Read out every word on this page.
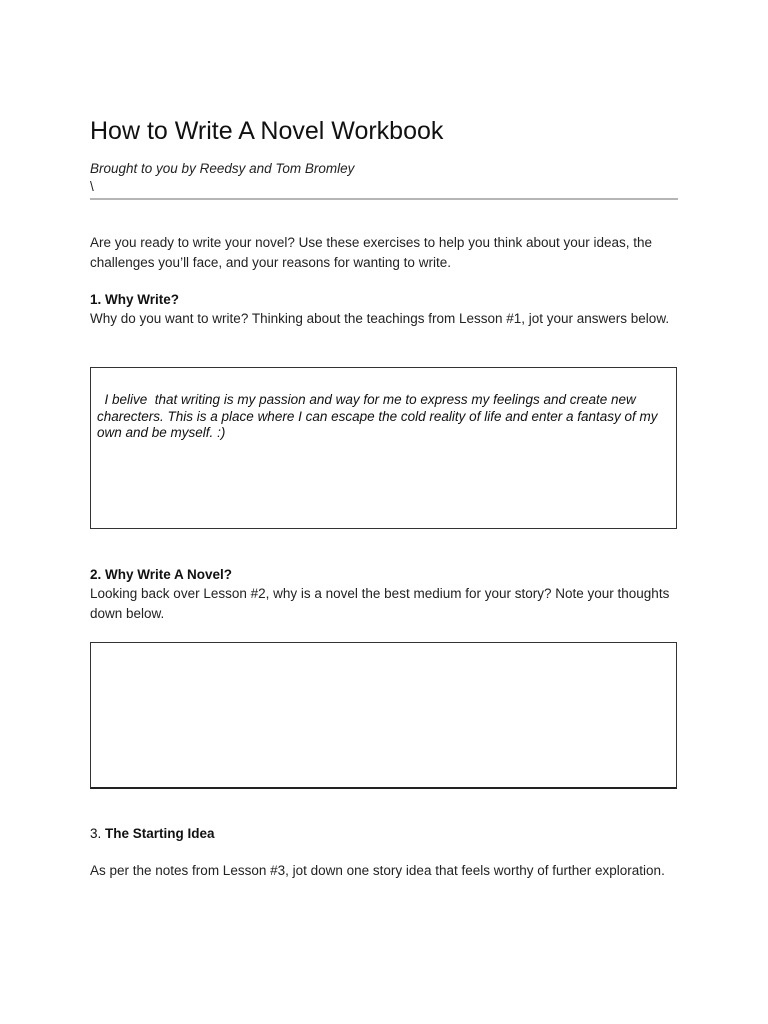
How to Write A Novel Workbook
Brought to you by Reedsy and Tom Bromley
\

Are you ready to write your novel? Use these exercises to help you think about your ideas, the challenges you’ll face, and your reasons for wanting to write.

1. Why Write?

Why do you want to write? Thinking about the teachings from Lesson #1, jot your answers below.

I belive  that writing is my passion and way for me to express my feelings and create new charecters. This is a place where I can escape the cold reality of life and enter a fantasy of my own and be myself. :)
2. Why Write A Novel?

Looking back over Lesson #2, why is a novel the best medium for your story? Note your thoughts down below.

3. The Starting Idea

As per the notes from Lesson #3, jot down one story idea that feels worthy of further exploration.
